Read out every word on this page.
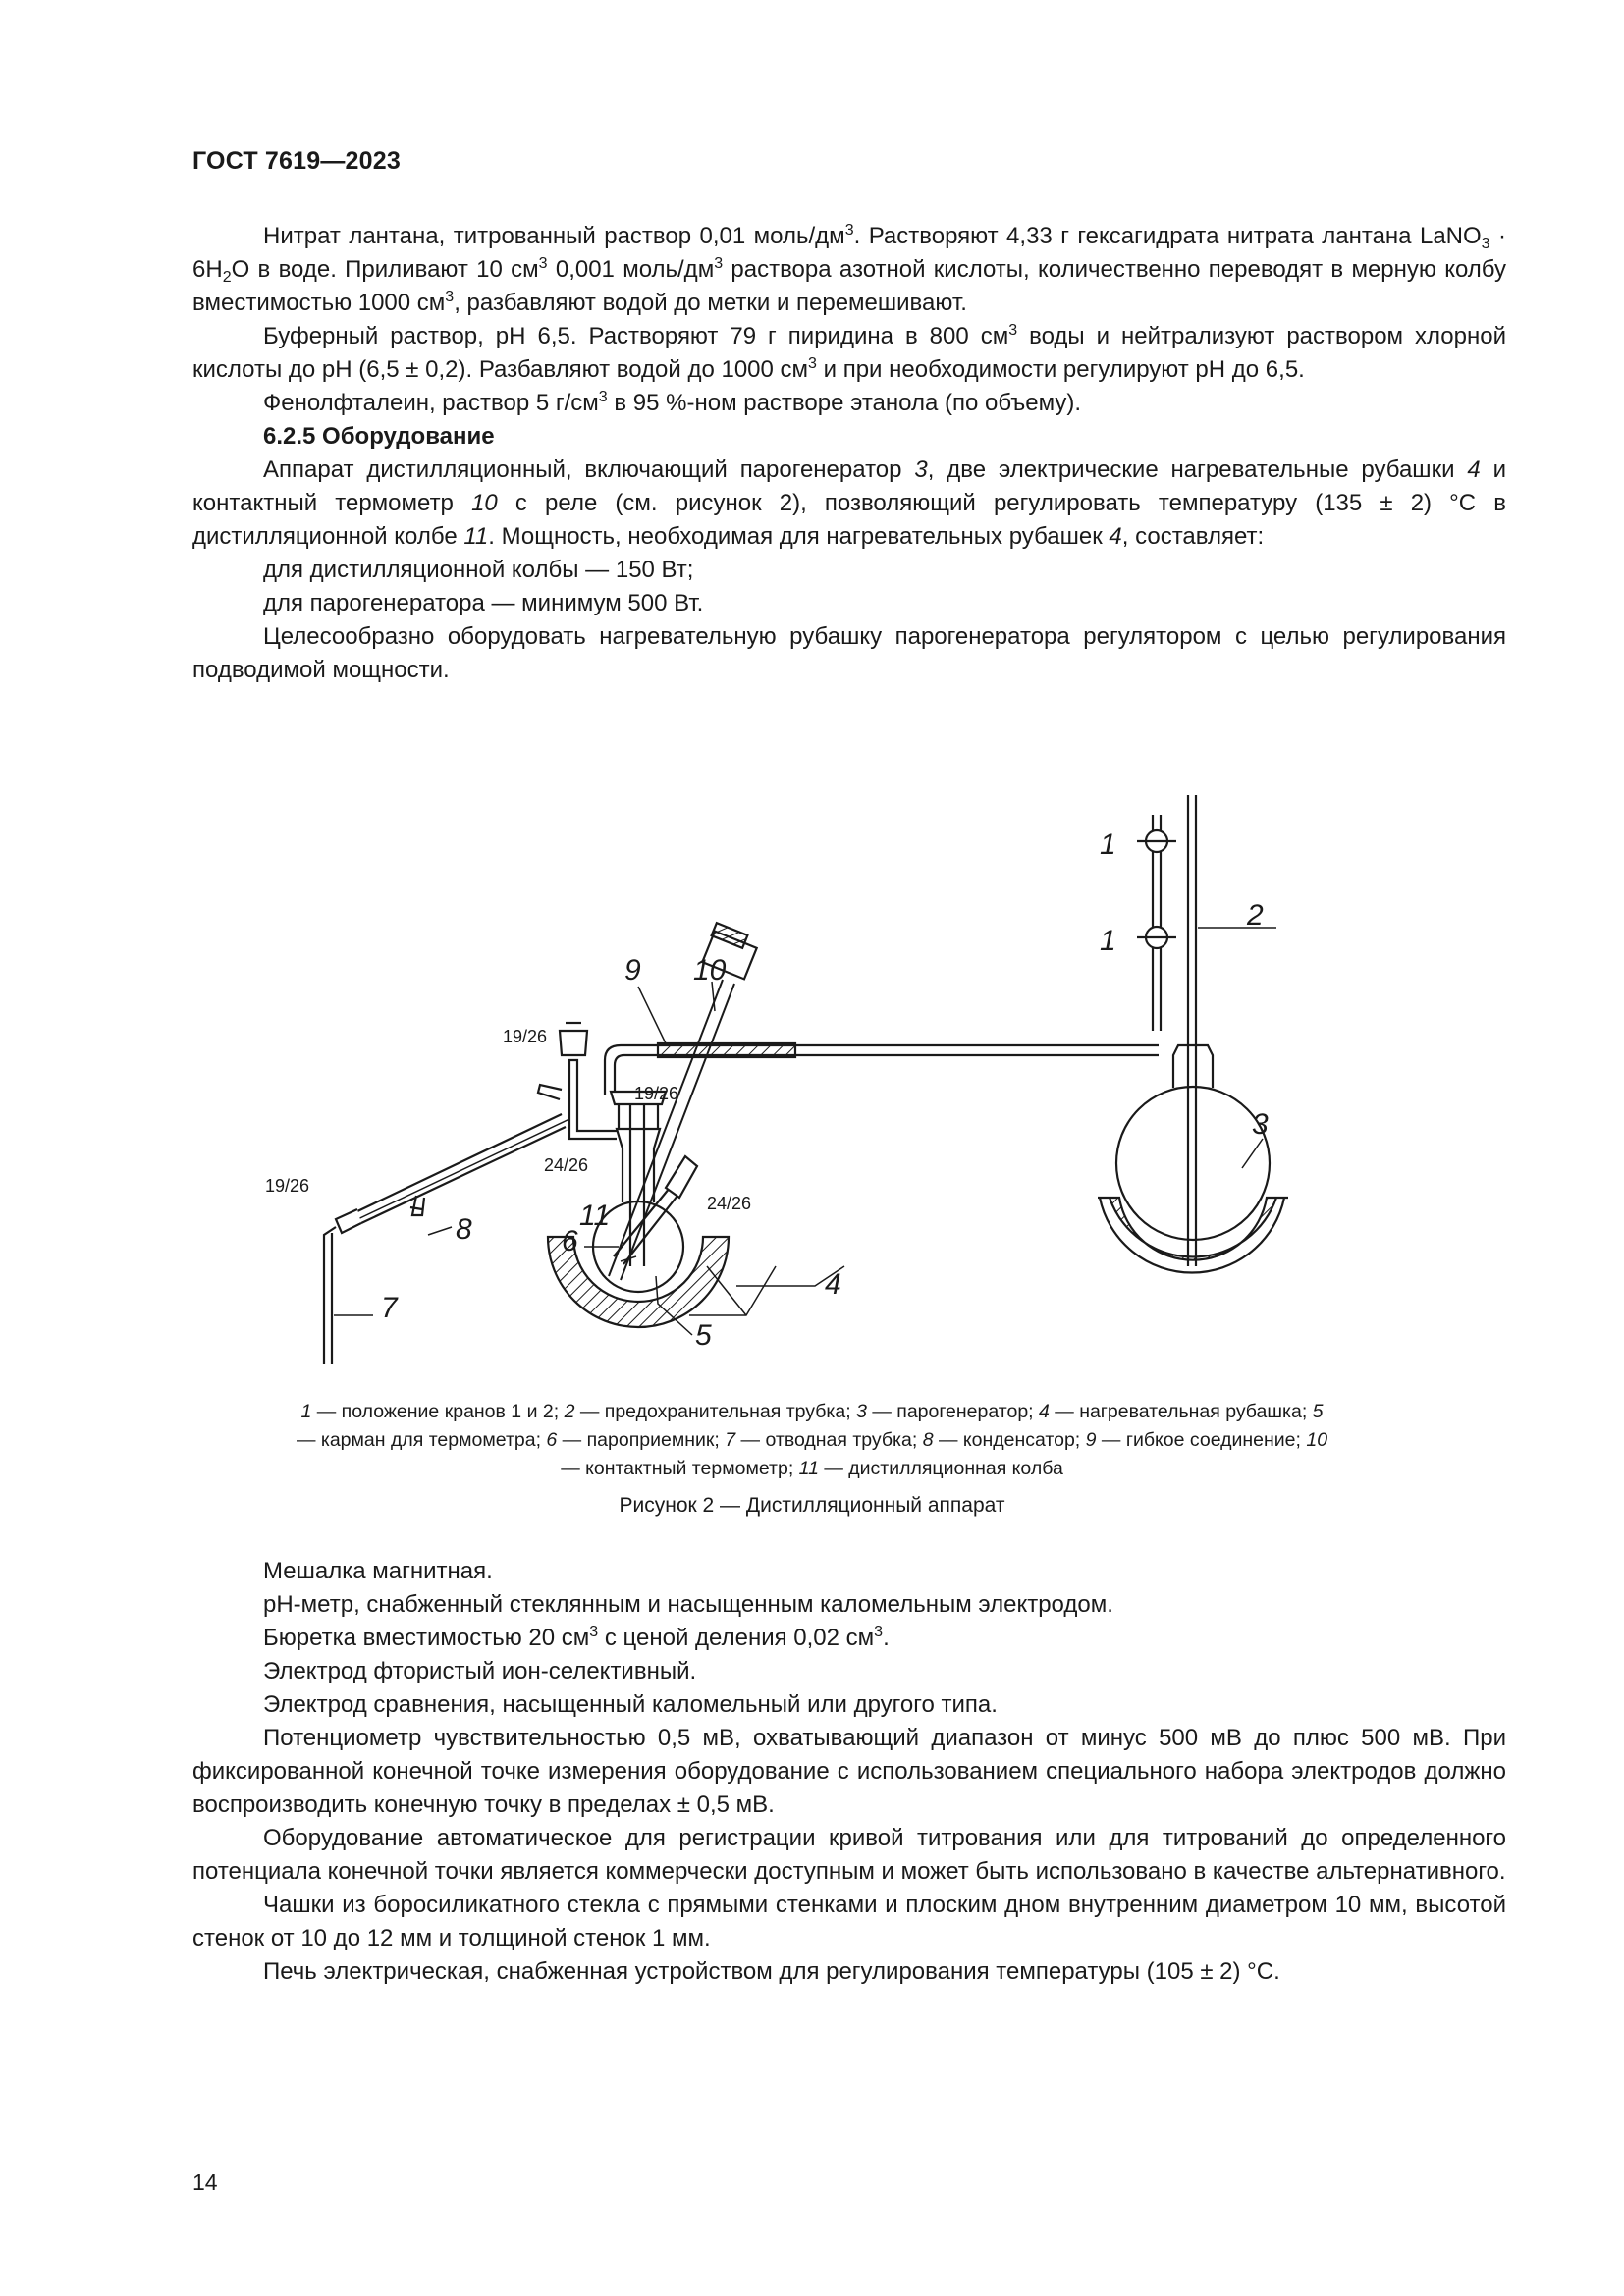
ГОСТ 7619—2023

Нитрат лантана, титрованный раствор 0,01 моль/$дм^3$. Растворяют 4,33 г гексагидрата нитрата лантана LaNO$_3$ · $6H_2O$ в воде. Приливают 10 $см^3$ 0,001 моль/$дм^3$ раствора азотной кислоты, количественно переводят в мерную колбу вместимостью 1000 $см^3$, разбавляют водой до метки и перемешивают.

Буферный раствор, pH 6,5. Растворяют 79 г пиридина в 800 $см^3$ воды и нейтрализуют раствором хлорной кислоты до pH (6,5 ± 0,2). Разбавляют водой до 1000 $см^3$ и при необходимости регулируют pH до 6,5.

Фенолфталеин, раствор 5 $г/см^3$ в 95 %-ном растворе этанола (по объему).

6.2.5 Оборудование

Аппарат дистилляционный, включающий парогенератор 3, две электрические нагревательные рубашки 4 и контактный термометр 10 с реле (см. рисунок 2), позволяющий регулировать температуру (135 ± 2) °С в дистилляционной колбе 11. Мощность, необходимая для нагревательных рубашек 4, составляет:

для дистилляционной колбы — 150 Вт;

для парогенератора — минимум 500 Вт.

Целесообразно оборудовать нагревательную рубашку парогенератора регулятором с целью регулирования подводимой мощности.

1
1
2
3
4
5
6
7
8
9 10
11
19/26
19/26
19/26
24/26
24/26
1 — положение кранов 1 и 2; 2 — предохранительная трубка; 3 — парогенератор; 4 — нагревательная рубашка; 5 — карман для термометра; 6 — пароприемник; 7 — отводная трубка; 8 — конденсатор; 9 — гибкое соединение; 10 — контактный термометр; 11 — дистилляционная колба
Рисунок 2 — Дистилляционный аппарат

Мешалка магнитная.

pH-метр, снабженный стеклянным и насыщенным каломельным электродом.

Бюретка вместимостью 20 $см^3$ с ценой деления 0,02 $см^3$.

Электрод фтористый ион-селективный.

Электрод сравнения, насыщенный каломельный или другого типа.

Потенциометр чувствительностью 0,5 мВ, охватывающий диапазон от минус 500 мВ до плюс 500 мВ. При фиксированной конечной точке измерения оборудование с использованием специального набора электродов должно воспроизводить конечную точку в пределах ± 0,5 мВ.

Оборудование автоматическое для регистрации кривой титрования или для титрований до определенного потенциала конечной точки является коммерчески доступным и может быть использовано в качестве альтернативного.

Чашки из боросиликатного стекла с прямыми стенками и плоским дном внутренним диаметром 10 мм, высотой стенок от 10 до 12 мм и толщиной стенок 1 мм.

Печь электрическая, снабженная устройством для регулирования температуры (105 ± 2) °С.

14
